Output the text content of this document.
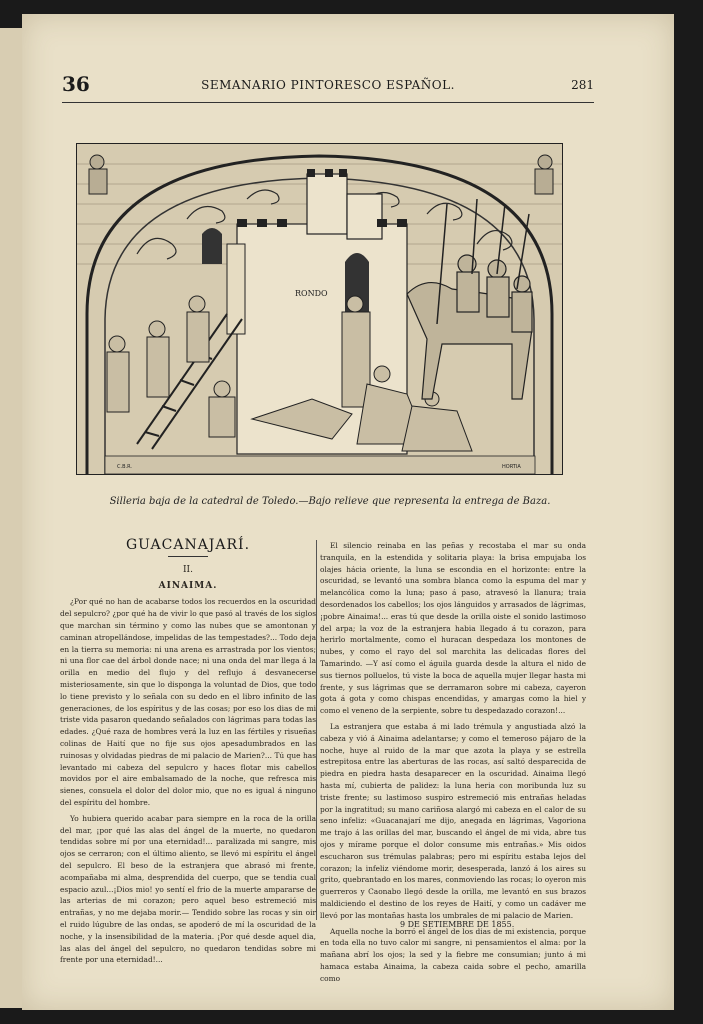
36	SEMANARIO PINTORESCO ESPAÑOL.	281
RONDO
C.B.R.	HORTIA
Silleria baja de la catedral de Toledo.—Bajo relieve que representa la entrega de Baza.

GUACANAJARÍ.

II.

AINAIMA.

¿Por qué no han de acabarse todos los recuerdos en la oscuridad del sepulcro? ¿por qué ha de vivir lo que pasó al través de los siglos que marchan sin término y como las nubes que se amontonan y caminan atropellándose, impelidas de las tempestades?... Todo deja en la tierra su memoria: ni una arena es arrastrada por los vientos; ni una flor cae del árbol donde nace; ni una onda del mar llega á la orilla en medio del flujo y del reflujo á desvanecerse misteriosamente, sin que lo disponga la voluntad de Dios, que todo lo tiene previsto y lo señala con su dedo en el libro infinito de las generaciones, de los espíritus y de las cosas; por eso los dias de mi triste vida pasaron quedando señalados con lágrimas para todas las edades. ¿Qué raza de hombres verá la luz en las fértiles y risueñas colinas de Haití que no fije sus ojos apesadumbrados en las ruinosas y olvidadas piedras de mi palacio de Marien?... Tú que has levantado mi cabeza del sepulcro y haces flotar mis cabellos movidos por el aire embalsamado de la noche, que refresca mis sienes, consuela el dolor del dolor mio, que no es igual á ninguno del espíritu del hombre.

Yo hubiera querido acabar para siempre en la roca de la orilla del mar, ¡por qué las alas del ángel de la muerte, no quedaron tendidas sobre mí por una eternidad!... paralizada mi sangre, mis ojos se cerraron; con el último aliento, se llevó mi espíritu el ángel del sepulcro. El beso de la estranjera que abrasó mi frente, acompañaba mi alma, desprendida del cuerpo, que se tendia cual espacio azul...¡Dios mio! yo sentí el frio de la muerte ampararse de las arterias de mi corazon; pero aquel beso estremeció mis entrañas, y no me dejaba morir.— Tendido sobre las rocas y sin oir el ruido lúgubre de las ondas, se apoderó de mí la oscuridad de la noche, y la insensibilidad de la materia. ¡Por qué desde aquel dia, las alas del ángel del sepulcro, no quedaron tendidas sobre mi frente por una eternidad!...

El silencio reinaba en las peñas y recostaba el mar su onda tranquila, en la estendida y solitaria playa: la brisa empujaba los olajes hácia oriente, la luna se escondia en el horizonte: entre la oscuridad, se levantó una sombra blanca como la espuma del mar y melancólica como la luna; paso á paso, atravesó la llanura; traia desordenados los cabellos; los ojos lánguidos y arrasados de lágrimas, ¡pobre Ainaima!... eras tú que desde la orilla oiste el sonido lastimoso del arpa; la voz de la estranjera habia llegado á tu corazon, para herirlo mortalmente, como el huracan despedaza los montones de nubes, y como el rayo del sol marchita las delicadas flores del Tamarindo. —Y así como el águila guarda desde la altura el nido de sus tiernos polluelos, tú viste la boca de aquella mujer llegar hasta mi frente, y sus lágrimas que se derramaron sobre mi cabeza, cayeron gota á gota y como chispas encendidas, y amargas como la hiel y como el veneno de la serpiente, sobre tu despedazado corazon!...

La estranjera que estaba á mi lado trémula y angustiada alzó la cabeza y vió á Ainaima adelantarse; y como el temeroso pájaro de la noche, huye al ruido de la mar que azota la playa y se estrella estrepitosa entre las aberturas de las rocas, así saltó desparecida de piedra en piedra hasta desaparecer en la oscuridad. Ainaima llegó hasta mí, cubierta de palidez: la luna heria con moribunda luz su triste frente; su lastimoso suspiro estremeció mis entrañas heladas por la ingratitud; su mano cariñosa alargó mi cabeza en el calor de su seno infeliz: «Guacanajarí me dijo, anegada en lágrimas, Vagoriona me trajo á las orillas del mar, buscando el ángel de mi vida, abre tus ojos y mírame porque el dolor consume mis entrañas.» Mis oidos escucharon sus trémulas palabras; pero mi espíritu estaba lejos del corazon; la infeliz viéndome morir, desesperada, lanzó á los aires su grito, quebrantado en los mares, conmoviendo las rocas; lo oyeron mis guerreros y Caonabo llegó desde la orilla, me levantó en sus brazos maldiciendo el destino de los reyes de Haití, y como un cadáver me llevó por las montañas hasta los umbrales de mi palacio de Marien.

Aquella noche la borró el ángel de los dias de mi existencia, porque en toda ella no tuvo calor mi sangre, ni pensamientos el alma: por la mañana abrí los ojos; la sed y la fiebre me consumian; junto á mi hamaca estaba Ainaima, la cabeza caida sobre el pecho, amarilla como

9 DE SETIEMBRE DE 1855.
